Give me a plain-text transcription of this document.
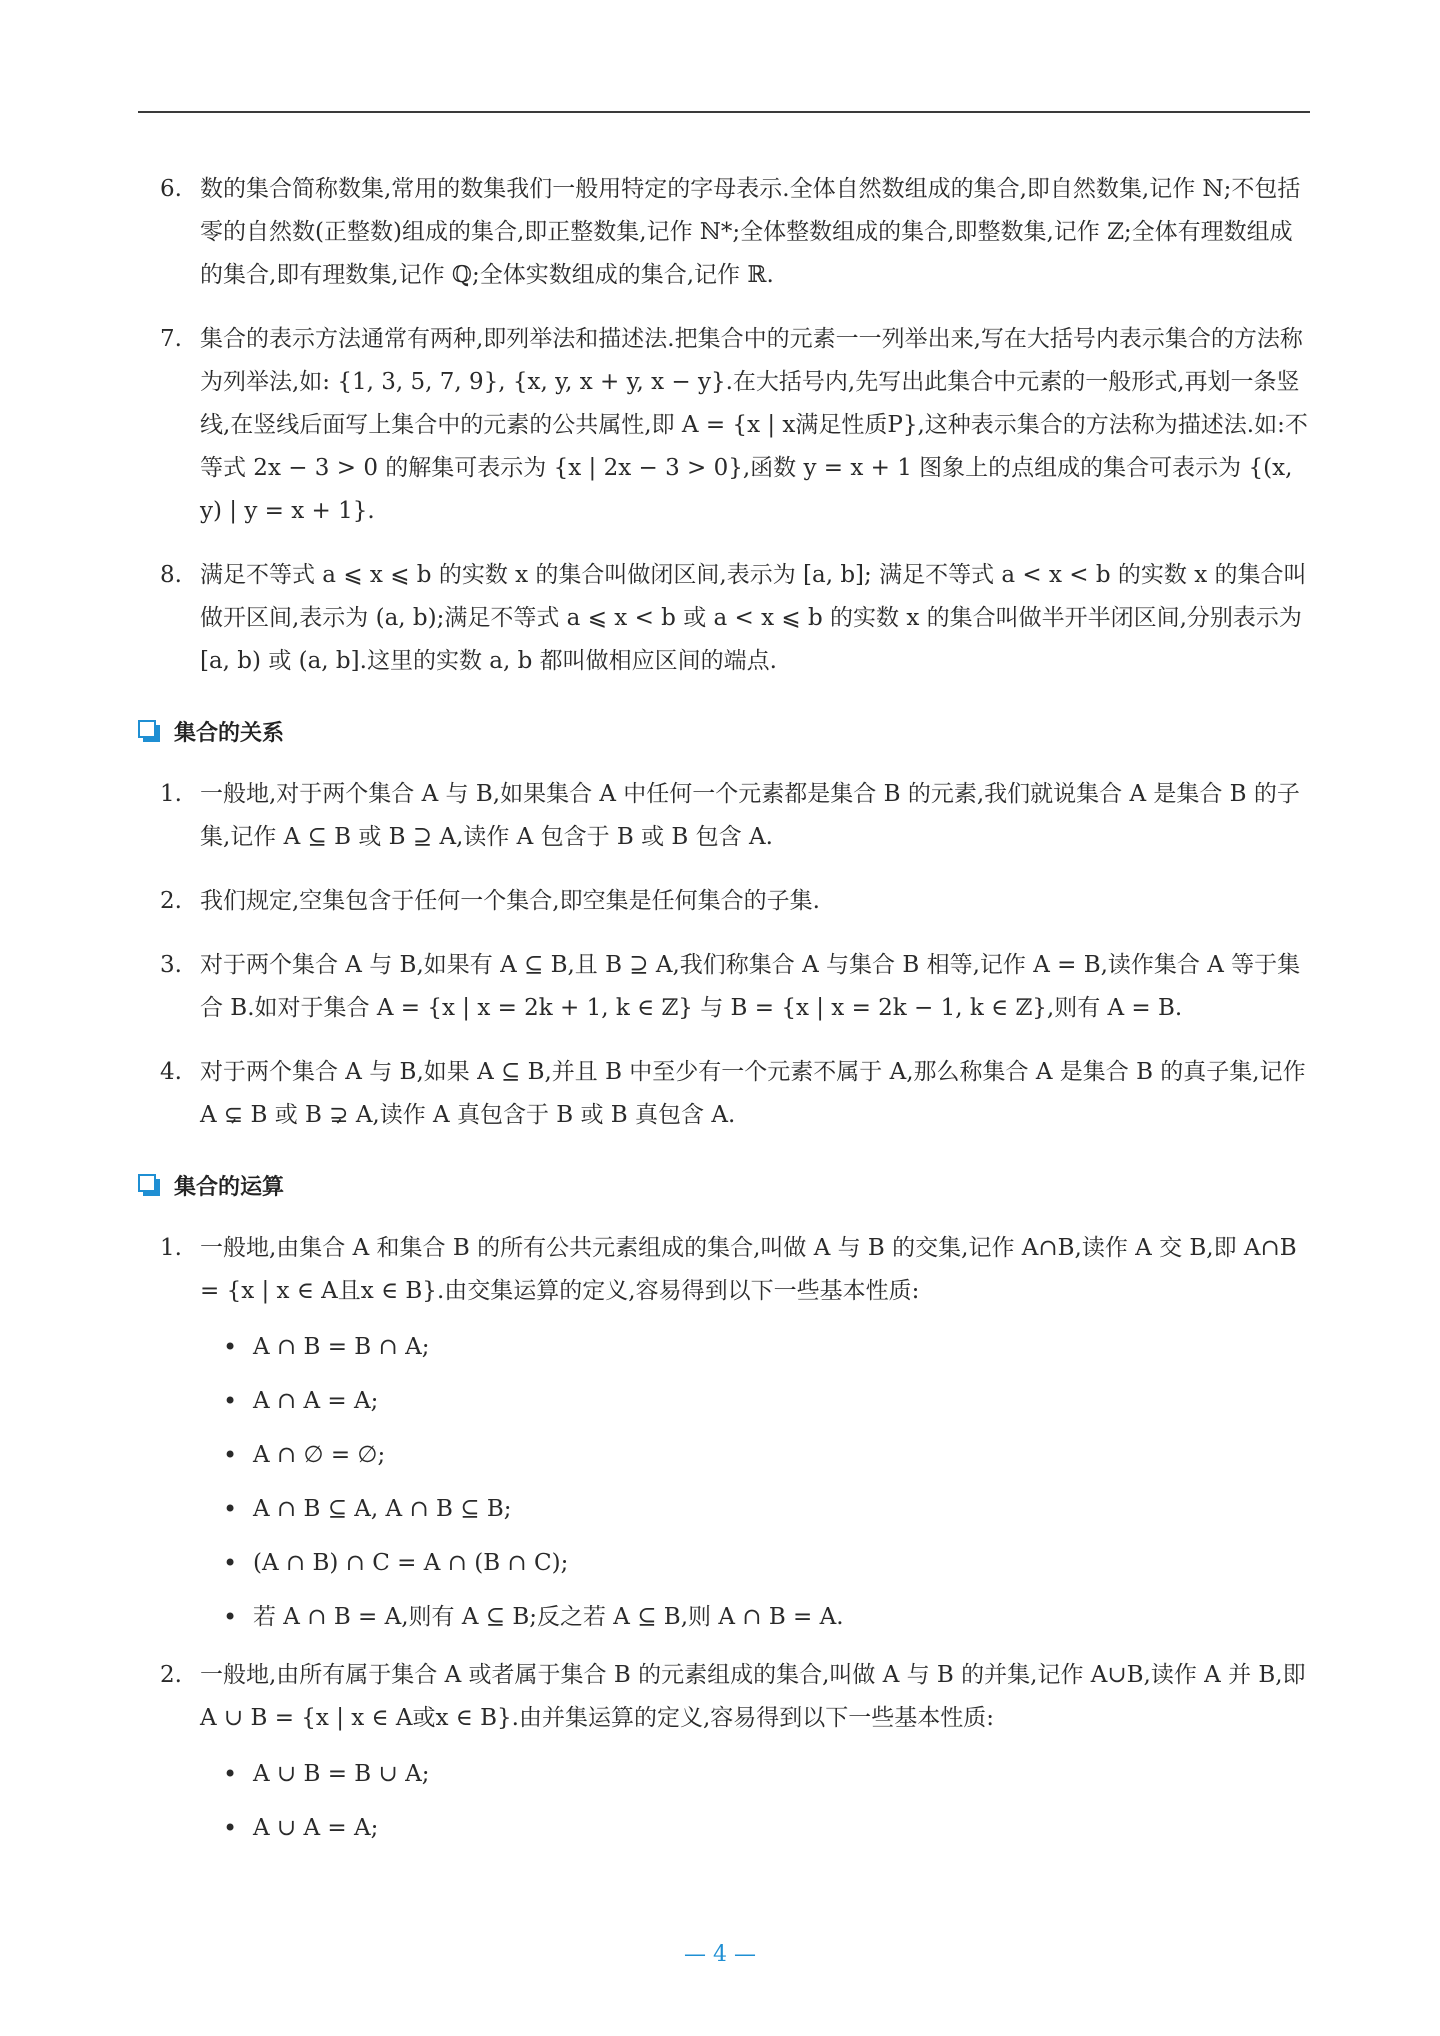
6. 数的集合简称数集,常用的数集我们一般用特定的字母表示.全体自然数组成的集合,即自然数集,记作 ℕ;不包括零的自然数(正整数)组成的集合,即正整数集,记作 ℕ*;全体整数组成的集合,即整数集,记作 ℤ;全体有理数组成的集合,即有理数集,记作 ℚ;全体实数组成的集合,记作 ℝ.
7. 集合的表示方法通常有两种,即列举法和描述法.把集合中的元素一一列举出来,写在大括号内表示集合的方法称为列举法,如: {1, 3, 5, 7, 9}, {x, y, x + y, x − y}.在大括号内,先写出此集合中元素的一般形式,再划一条竖线,在竖线后面写上集合中的元素的公共属性,即 A = {x | x满足性质P},这种表示集合的方法称为描述法.如:不等式 2x − 3 > 0 的解集可表示为 {x | 2x − 3 > 0},函数 y = x + 1 图象上的点组成的集合可表示为 {(x, y) | y = x + 1}.
8. 满足不等式 a ⩽ x ⩽ b 的实数 x 的集合叫做闭区间,表示为 [a, b]; 满足不等式 a < x < b 的实数 x 的集合叫做开区间,表示为 (a, b);满足不等式 a ⩽ x < b 或 a < x ⩽ b 的实数 x 的集合叫做半开半闭区间,分别表示为 [a, b) 或 (a, b].这里的实数 a, b 都叫做相应区间的端点.
集合的关系
1. 一般地,对于两个集合 A 与 B,如果集合 A 中任何一个元素都是集合 B 的元素,我们就说集合 A 是集合 B 的子集,记作 A ⊆ B 或 B ⊇ A,读作 A 包含于 B 或 B 包含 A.
2. 我们规定,空集包含于任何一个集合,即空集是任何集合的子集.
3. 对于两个集合 A 与 B,如果有 A ⊆ B,且 B ⊇ A,我们称集合 A 与集合 B 相等,记作 A = B,读作集合 A 等于集合 B.如对于集合 A = {x | x = 2k + 1, k ∈ ℤ} 与 B = {x | x = 2k − 1, k ∈ ℤ},则有 A = B.
4. 对于两个集合 A 与 B,如果 A ⊆ B,并且 B 中至少有一个元素不属于 A,那么称集合 A 是集合 B 的真子集,记作 A ⊊ B 或 B ⊋ A,读作 A 真包含于 B 或 B 真包含 A.
集合的运算
1. 一般地,由集合 A 和集合 B 的所有公共元素组成的集合,叫做 A 与 B 的交集,记作 A∩B,读作 A 交 B,即 A∩B = {x | x ∈ A且x ∈ B}.由交集运算的定义,容易得到以下一些基本性质:
• A ∩ B = B ∩ A;
• A ∩ A = A;
• A ∩ ∅ = ∅;
• A ∩ B ⊆ A, A ∩ B ⊆ B;
• (A ∩ B) ∩ C = A ∩ (B ∩ C);
• 若 A ∩ B = A,则有 A ⊆ B;反之若 A ⊆ B,则 A ∩ B = A.
2. 一般地,由所有属于集合 A 或者属于集合 B 的元素组成的集合,叫做 A 与 B 的并集,记作 A∪B,读作 A 并 B,即 A ∪ B = {x | x ∈ A或x ∈ B}.由并集运算的定义,容易得到以下一些基本性质:
• A ∪ B = B ∪ A;
• A ∪ A = A;
— 4 —
